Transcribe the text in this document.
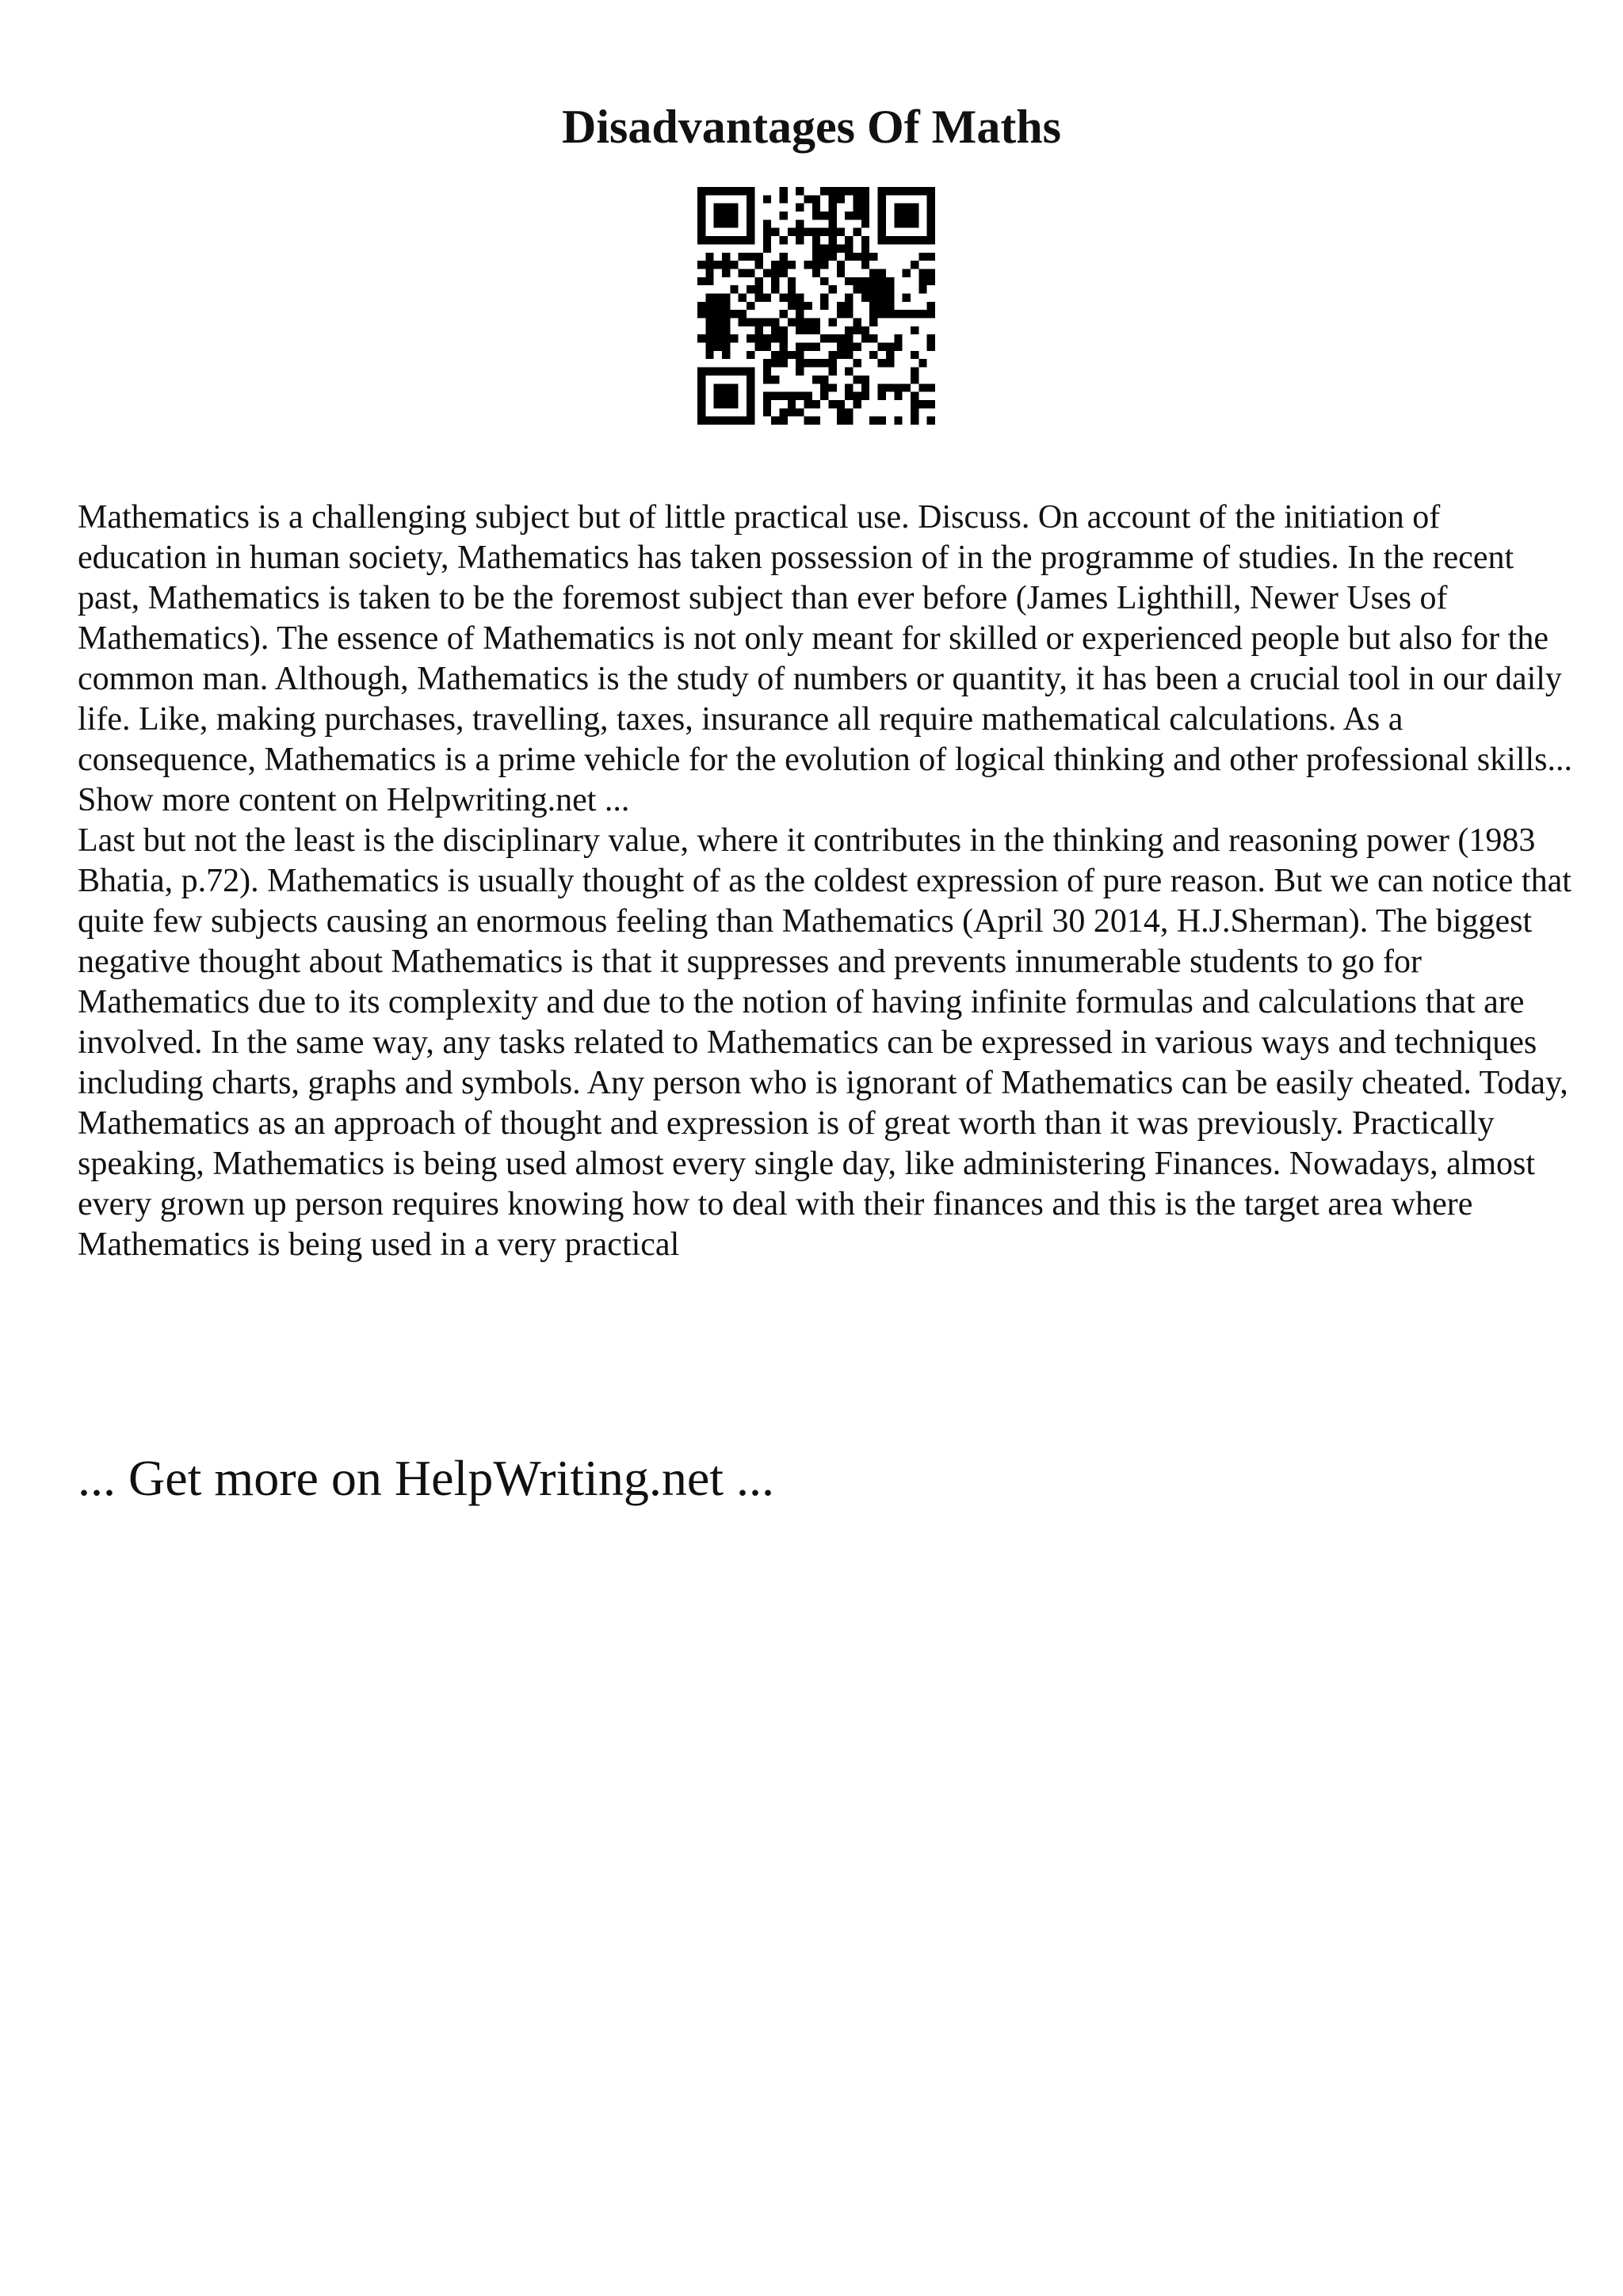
Disadvantages Of Maths

Mathematics is a challenging subject but of little practical use. Discuss. On account of the initiation of education in human society, Mathematics has taken possession of in the programme of studies. In the recent past, Mathematics is taken to be the foremost subject than ever before (James Lighthill, Newer Uses of Mathematics). The essence of Mathematics is not only meant for skilled or experienced people but also for the common man. Although, Mathematics is the study of numbers or quantity, it has been a crucial tool in our daily life. Like, making purchases, travelling, taxes, insurance all require mathematical calculations. As a consequence, Mathematics is a prime vehicle for the evolution of logical thinking and other professional skills... Show more content on Helpwriting.net ...

Last but not the least is the disciplinary value, where it contributes in the thinking and reasoning power (1983 Bhatia, p.72). Mathematics is usually thought of as the coldest expression of pure reason. But we can notice that quite few subjects causing an enormous feeling than Mathematics (April 30 2014, H.J.Sherman). The biggest negative thought about Mathematics is that it suppresses and prevents innumerable students to go for Mathematics due to its complexity and due to the notion of having infinite formulas and calculations that are involved. In the same way, any tasks related to Mathematics can be expressed in various ways and techniques including charts, graphs and symbols. Any person who is ignorant of Mathematics can be easily cheated. Today, Mathematics as an approach of thought and expression is of great worth than it was previously. Practically speaking, Mathematics is being used almost every single day, like administering Finances. Nowadays, almost every grown up person requires knowing how to deal with their finances and this is the target area where Mathematics is being used in a very practical

... Get more on HelpWriting.net ...
